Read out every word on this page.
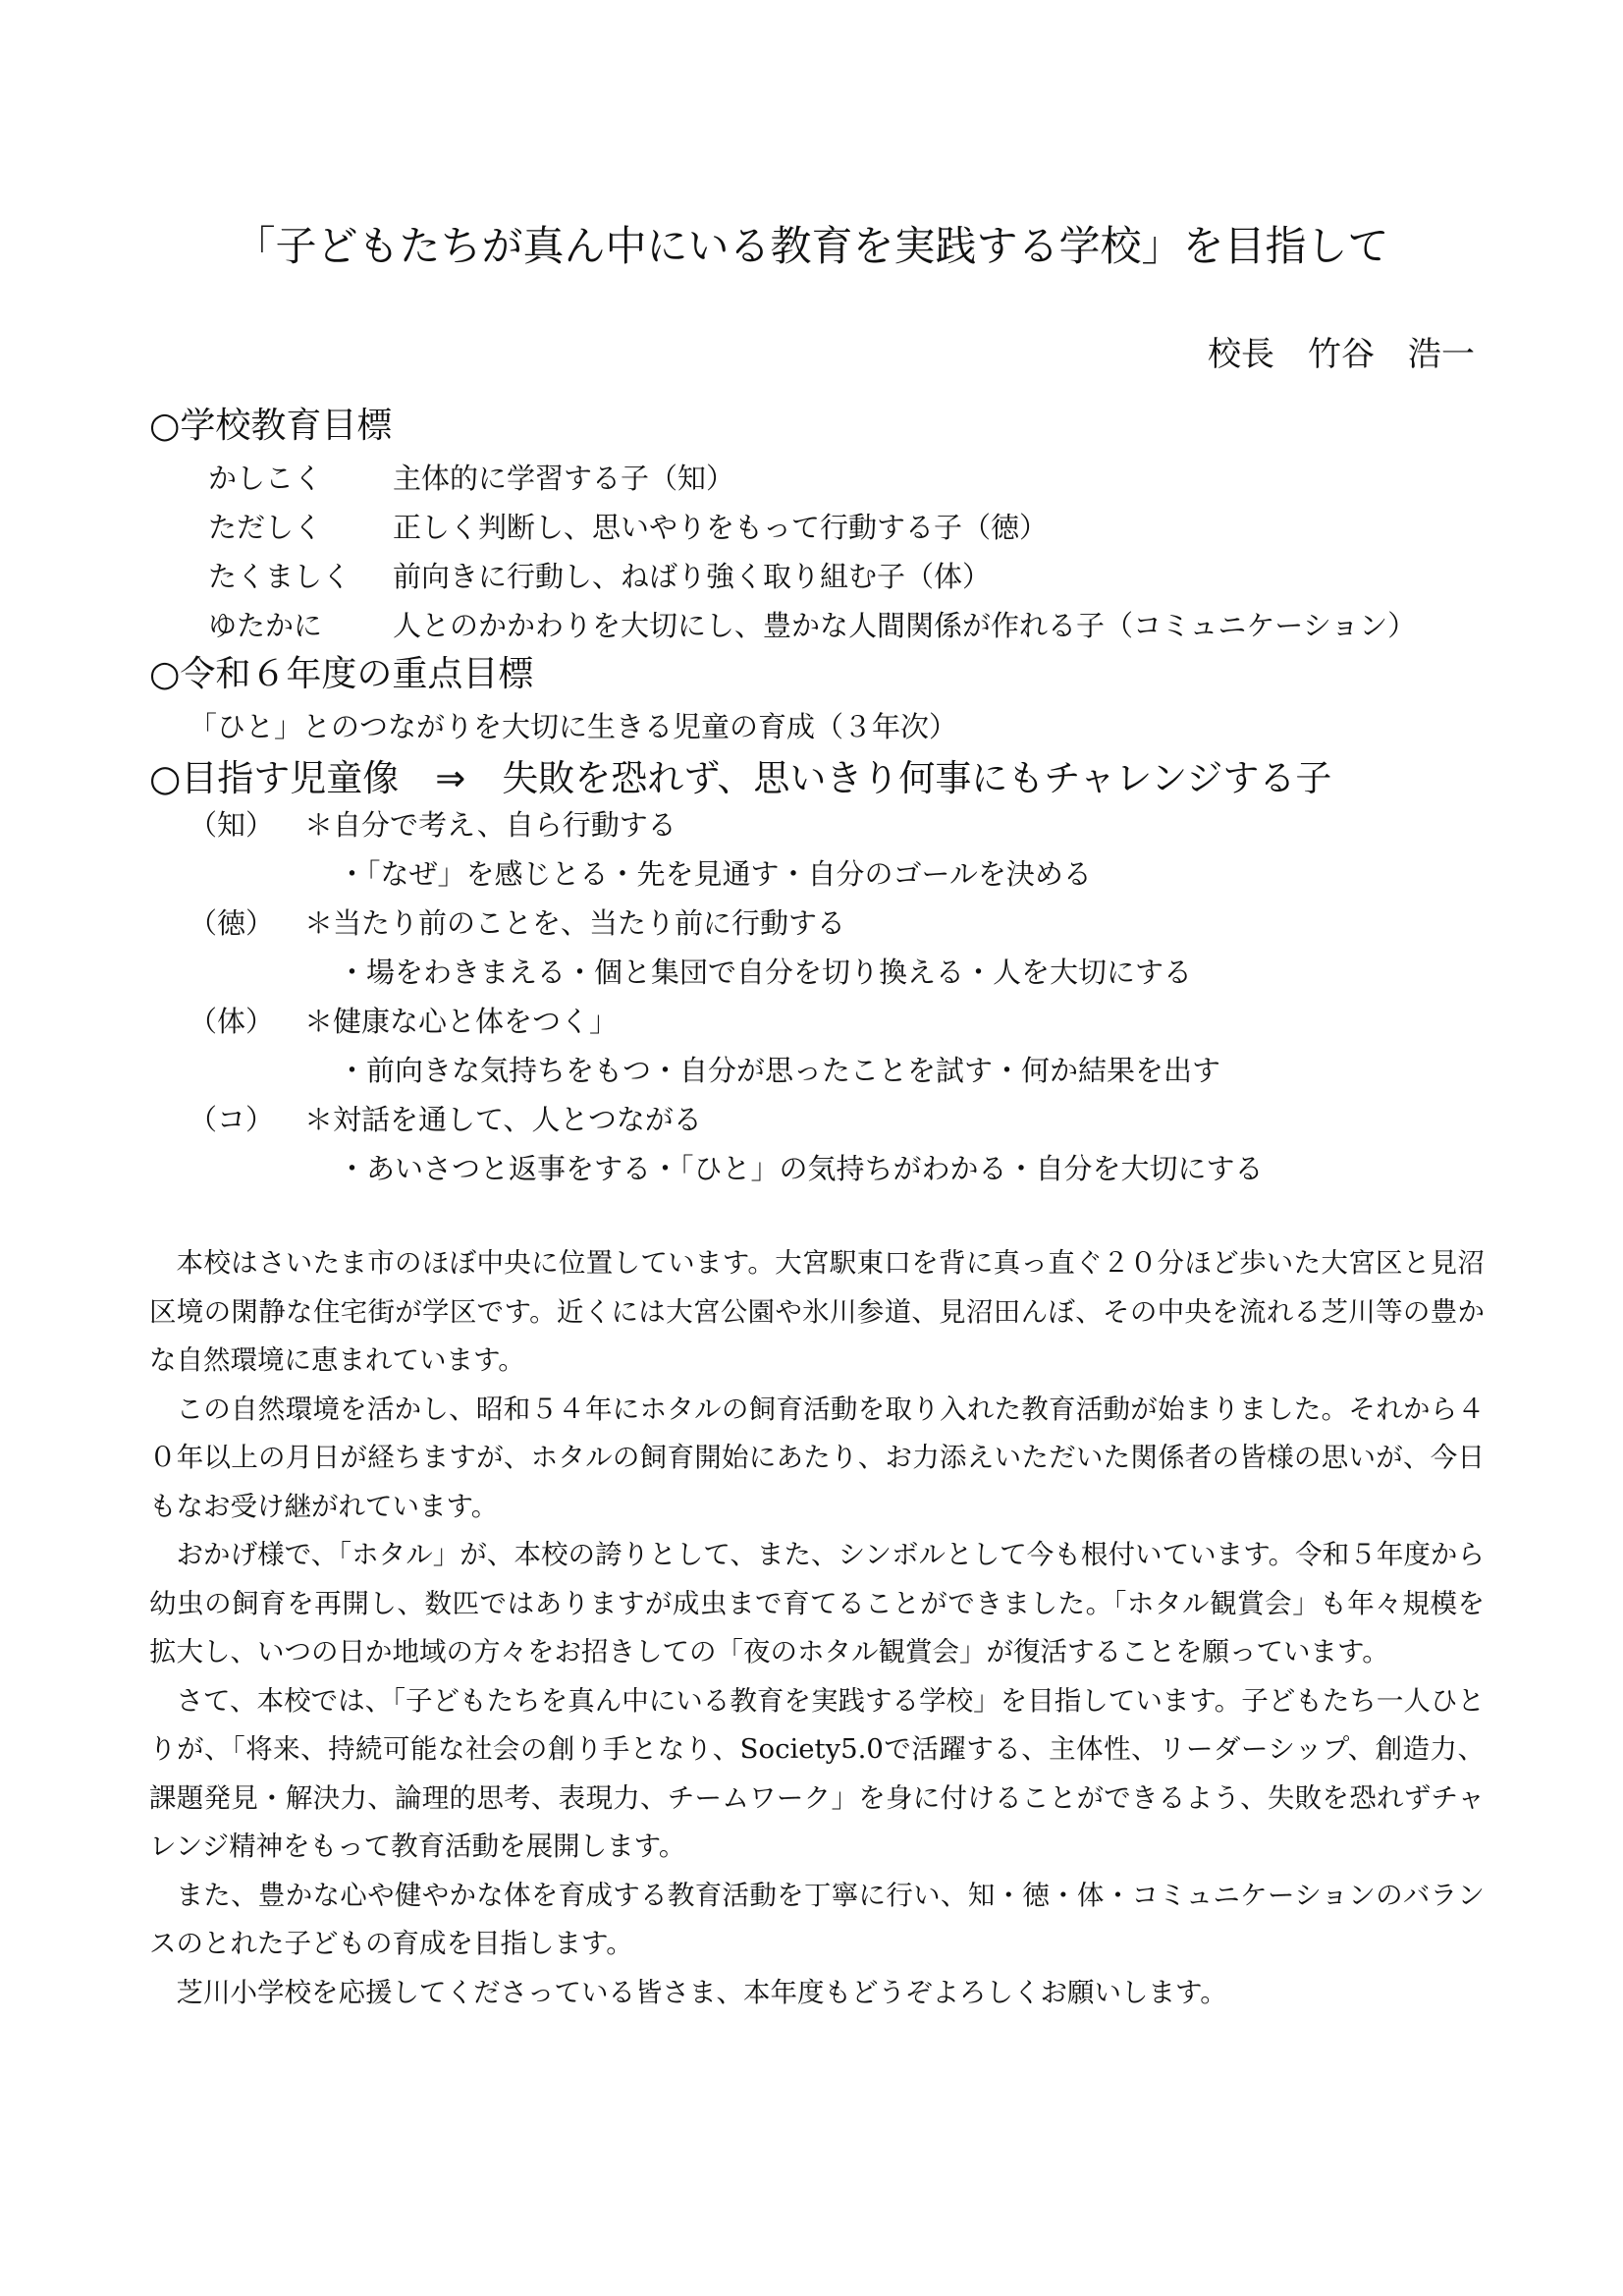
「子どもたちが真ん中にいる教育を実践する学校」を目指して
校長　竹谷　浩一
○学校教育目標
かしこく 主体的に学習する子（知）
ただしく 正しく判断し、思いやりをもって行動する子（徳）
たくましく 前向きに行動し、ねばり強く取り組む子（体）
ゆたかに 人とのかかわりを大切にし、豊かな人間関係が作れる子（コミュニケーション）
○令和６年度の重点目標
「ひと」とのつながりを大切に生きる児童の育成（３年次）
○目指す児童像　⇒　失敗を恐れず、思いきり何事にもチャレンジする子
（知） ＊自分で考え、自ら行動する
・「なぜ」を感じとる・先を見通す・自分のゴールを決める
（徳） ＊当たり前のことを、当たり前に行動する
・場をわきまえる・個と集団で自分を切り換える・人を大切にする
（体） ＊健康な心と体をつく」
・前向きな気持ちをもつ・自分が思ったことを試す・何か結果を出す
（コ） ＊対話を通して、人とつながる
・あいさつと返事をする・「ひと」の気持ちがわかる・自分を大切にする

本校はさいたま市のほぼ中央に位置しています。大宮駅東口を背に真っ直ぐ２０分ほど歩いた大宮区と見沼区境の閑静な住宅街が学区です。近くには大宮公園や氷川参道、見沼田んぼ、その中央を流れる芝川等の豊かな自然環境に恵まれています。

この自然環境を活かし、昭和５４年にホタルの飼育活動を取り入れた教育活動が始まりました。それから４０年以上の月日が経ちますが、ホタルの飼育開始にあたり、お力添えいただいた関係者の皆様の思いが、今日もなお受け継がれています。

おかげ様で、「ホタル」が、本校の誇りとして、また、シンボルとして今も根付いています。令和５年度から幼虫の飼育を再開し、数匹ではありますが成虫まで育てることができました。「ホタル観賞会」も年々規模を拡大し、いつの日か地域の方々をお招きしての「夜のホタル観賞会」が復活することを願っています。

さて、本校では、「子どもたちを真ん中にいる教育を実践する学校」を目指しています。子どもたち一人ひとりが、「将来、持続可能な社会の創り手となり、Society5.0で活躍する、主体性、リーダーシップ、創造力、課題発見・解決力、論理的思考、表現力、チームワーク」を身に付けることができるよう、失敗を恐れずチャレンジ精神をもって教育活動を展開します。

また、豊かな心や健やかな体を育成する教育活動を丁寧に行い、知・徳・体・コミュニケーションのバランスのとれた子どもの育成を目指します。

芝川小学校を応援してくださっている皆さま、本年度もどうぞよろしくお願いします。
